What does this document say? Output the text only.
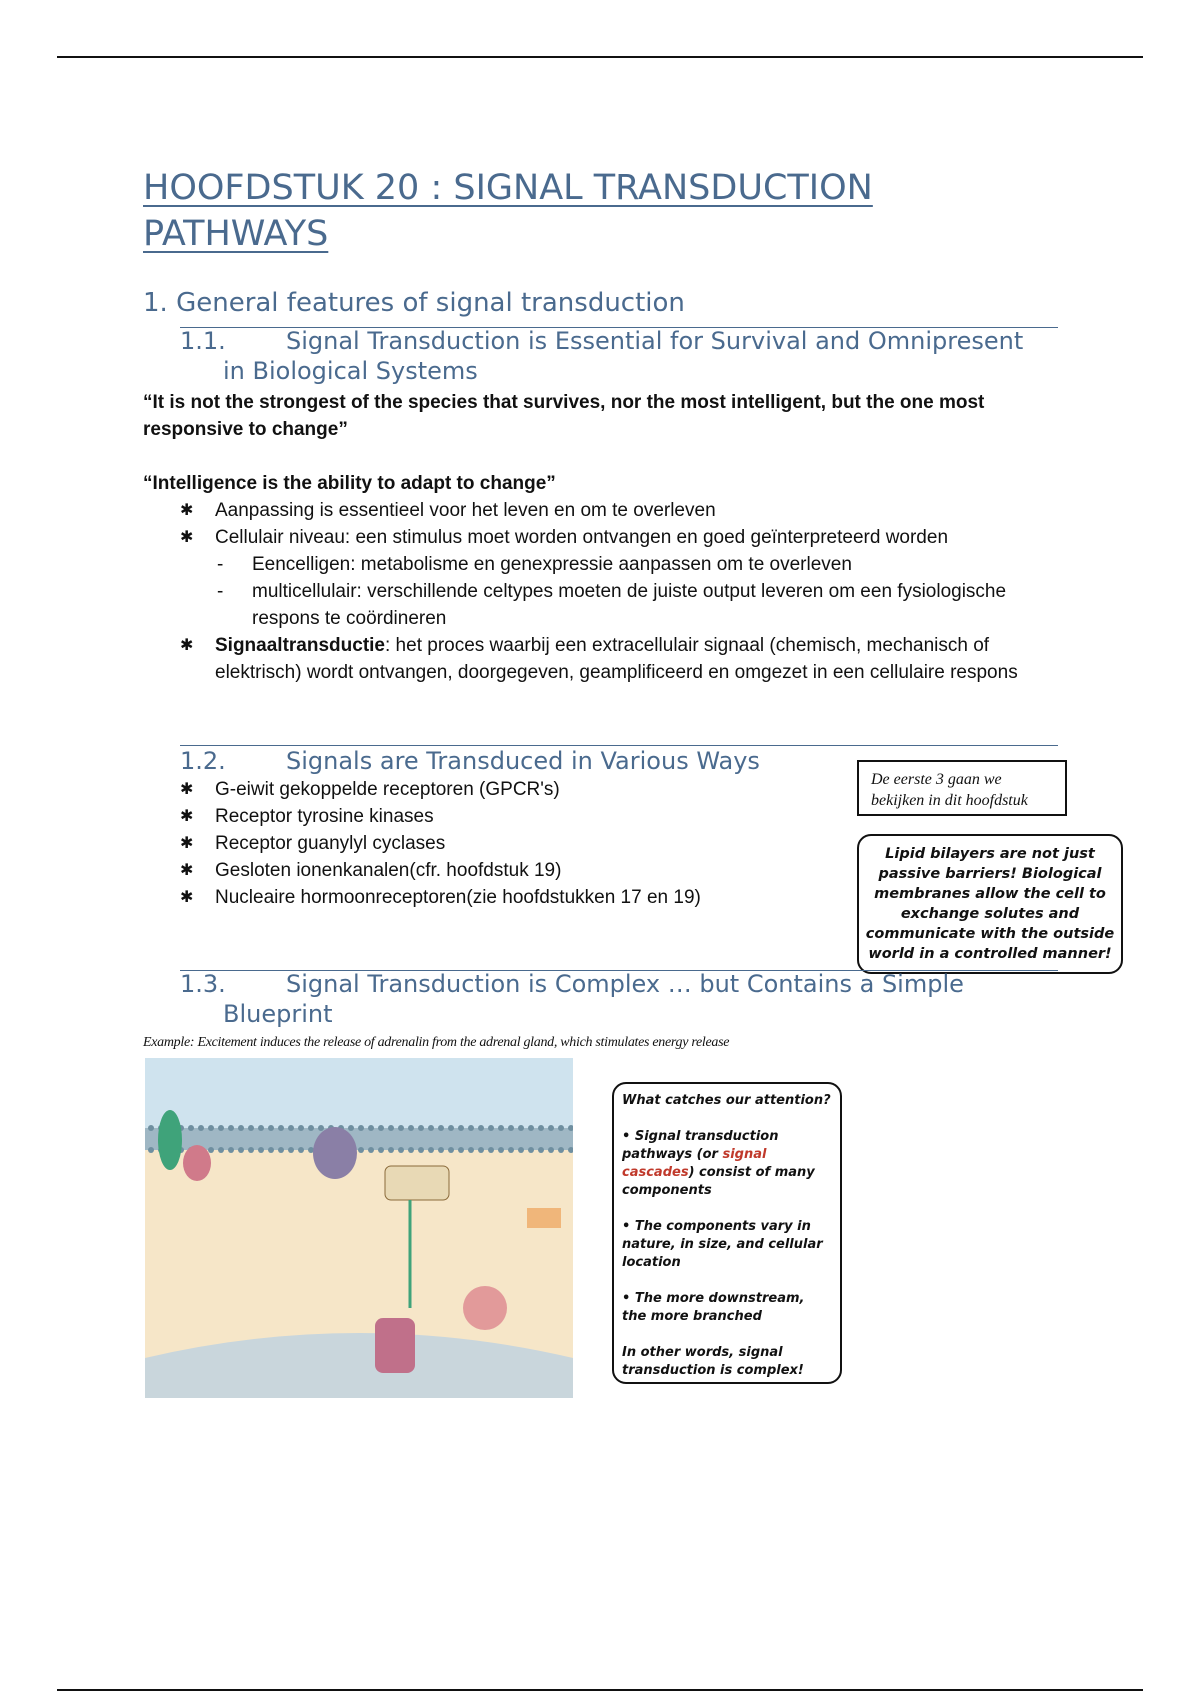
HOOFDSTUK 20 : SIGNAL TRANSDUCTION
PATHWAYS
1. General features of signal transduction
1.1.	Signal Transduction is Essential for Survival and Omnipresent
in Biological Systems
“It is not the strongest of the species that survives, nor the most intelligent, but the one most responsive to change”
“Intelligence is the ability to adapt to change”
✱ Aanpassing is essentieel voor het leven en om te overleven
✱ Cellulair niveau: een stimulus moet worden ontvangen en goed geïnterpreteerd worden
- Eencelligen: metabolisme en genexpressie aanpassen om te overleven
- multicellulair: verschillende celtypes moeten de juiste output leveren om een fysiologische respons te coördineren
✱ Signaaltransductie: het proces waarbij een extracellulair signaal (chemisch, mechanisch of elektrisch) wordt ontvangen, doorgegeven, geamplificeerd en omgezet in een cellulaire respons
1.2.	Signals are Transduced in Various Ways
✱ G-eiwit gekoppelde receptoren (GPCR's)
✱ Receptor tyrosine kinases
✱ Receptor guanylyl cyclases
✱ Gesloten ionenkanalen(cfr. hoofdstuk 19)
✱ Nucleaire hormoonreceptoren(zie hoofdstukken 17 en 19)
De eerste 3 gaan we bekijken in dit hoofdstuk
Lipid bilayers are not just passive barriers! Biological membranes allow the cell to exchange solutes and communicate with the outside world in a controlled manner!
1.3.	Signal Transduction is Complex … but Contains a Simple
Blueprint
Example: Excitement induces the release of adrenalin from the adrenal gland, which stimulates energy release

What catches our attention?

• Signal transduction pathways (or signal cascades) consist of many components

• The components vary in nature, in size, and cellular location

• The more downstream, the more branched

In other words, signal transduction is complex!
